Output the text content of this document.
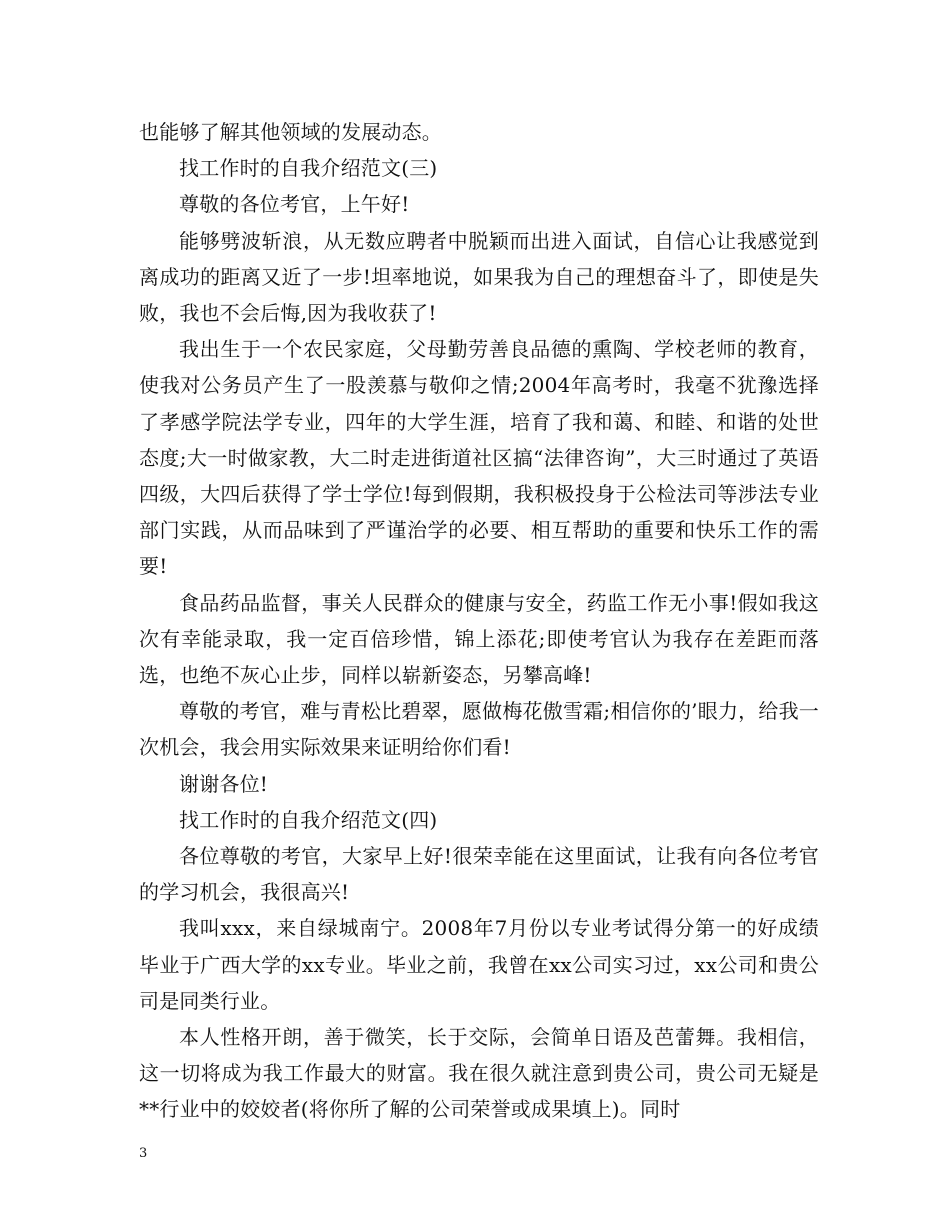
也能够了解其他领域的发展动态。

找工作时的自我介绍范文(三)

尊敬的各位考官，上午好!

能够劈波斩浪，从无数应聘者中脱颖而出进入面试，自信心让我感觉到离成功的距离又近了一步!坦率地说，如果我为自己的理想奋斗了，即使是失败，我也不会后悔,因为我收获了!

我出生于一个农民家庭，父母勤劳善良品德的熏陶、学校老师的教育，使我对公务员产生了一股羡慕与敬仰之情;2004年高考时，我毫不犹豫选择了孝感学院法学专业，四年的大学生涯，培育了我和蔼、和睦、和谐的处世态度;大一时做家教，大二时走进街道社区搞“法律咨询”，大三时通过了英语四级，大四后获得了学士学位!每到假期，我积极投身于公检法司等涉法专业部门实践，从而品味到了严谨治学的必要、相互帮助的重要和快乐工作的需要!

食品药品监督，事关人民群众的健康与安全，药监工作无小事!假如我这次有幸能录取，我一定百倍珍惜，锦上添花;即使考官认为我存在差距而落选，也绝不灰心止步，同样以崭新姿态，另攀高峰!

尊敬的考官，难与青松比碧翠，愿做梅花傲雪霜;相信你的’眼力，给我一次机会，我会用实际效果来证明给你们看!

谢谢各位!

找工作时的自我介绍范文(四)

各位尊敬的考官，大家早上好!很荣幸能在这里面试，让我有向各位考官的学习机会，我很高兴!

我叫xxx，来自绿城南宁。2008年7月份以专业考试得分第一的好成绩毕业于广西大学的xx专业。毕业之前，我曾在xx公司实习过，xx公司和贵公司是同类行业。

本人性格开朗，善于微笑，长于交际，会简单日语及芭蕾舞。我相信，这一切将成为我工作最大的财富。我在很久就注意到贵公司，贵公司无疑是**行业中的姣姣者(将你所了解的公司荣誉或成果填上)。同时

3
